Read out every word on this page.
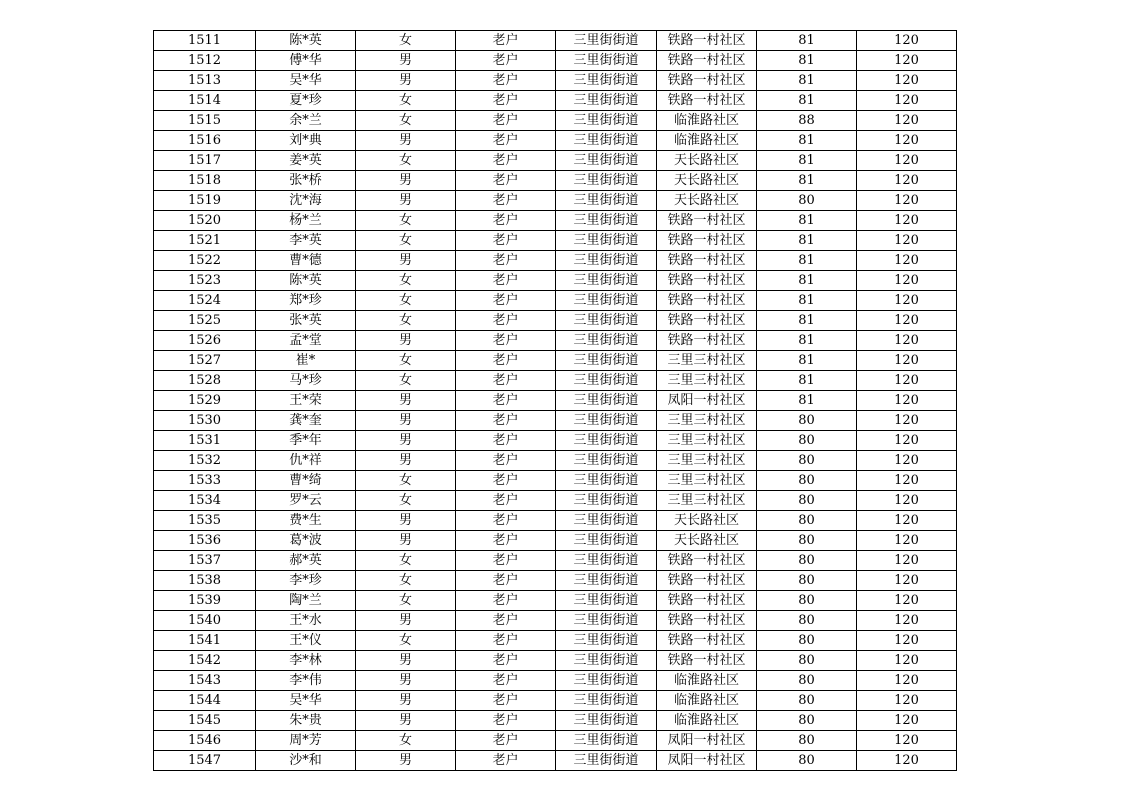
1511	陈*英	女	老户	三里街街道	铁路一村社区	81	120
1512	傅*华	男	老户	三里街街道	铁路一村社区	81	120
1513	吴*华	男	老户	三里街街道	铁路一村社区	81	120
1514	夏*珍	女	老户	三里街街道	铁路一村社区	81	120
1515	余*兰	女	老户	三里街街道	临淮路社区	88	120
1516	刘*典	男	老户	三里街街道	临淮路社区	81	120
1517	姜*英	女	老户	三里街街道	天长路社区	81	120
1518	张*桥	男	老户	三里街街道	天长路社区	81	120
1519	沈*海	男	老户	三里街街道	天长路社区	80	120
1520	杨*兰	女	老户	三里街街道	铁路一村社区	81	120
1521	李*英	女	老户	三里街街道	铁路一村社区	81	120
1522	曹*德	男	老户	三里街街道	铁路一村社区	81	120
1523	陈*英	女	老户	三里街街道	铁路一村社区	81	120
1524	郑*珍	女	老户	三里街街道	铁路一村社区	81	120
1525	张*英	女	老户	三里街街道	铁路一村社区	81	120
1526	孟*堂	男	老户	三里街街道	铁路一村社区	81	120
1527	崔*	女	老户	三里街街道	三里三村社区	81	120
1528	马*珍	女	老户	三里街街道	三里三村社区	81	120
1529	王*荣	男	老户	三里街街道	凤阳一村社区	81	120
1530	龚*奎	男	老户	三里街街道	三里三村社区	80	120
1531	季*年	男	老户	三里街街道	三里三村社区	80	120
1532	仇*祥	男	老户	三里街街道	三里三村社区	80	120
1533	曹*绮	女	老户	三里街街道	三里三村社区	80	120
1534	罗*云	女	老户	三里街街道	三里三村社区	80	120
1535	费*生	男	老户	三里街街道	天长路社区	80	120
1536	葛*波	男	老户	三里街街道	天长路社区	80	120
1537	郝*英	女	老户	三里街街道	铁路一村社区	80	120
1538	李*珍	女	老户	三里街街道	铁路一村社区	80	120
1539	陶*兰	女	老户	三里街街道	铁路一村社区	80	120
1540	王*水	男	老户	三里街街道	铁路一村社区	80	120
1541	王*仪	女	老户	三里街街道	铁路一村社区	80	120
1542	李*林	男	老户	三里街街道	铁路一村社区	80	120
1543	李*伟	男	老户	三里街街道	临淮路社区	80	120
1544	吴*华	男	老户	三里街街道	临淮路社区	80	120
1545	朱*贵	男	老户	三里街街道	临淮路社区	80	120
1546	周*芳	女	老户	三里街街道	凤阳一村社区	80	120
1547	沙*和	男	老户	三里街街道	凤阳一村社区	80	120
